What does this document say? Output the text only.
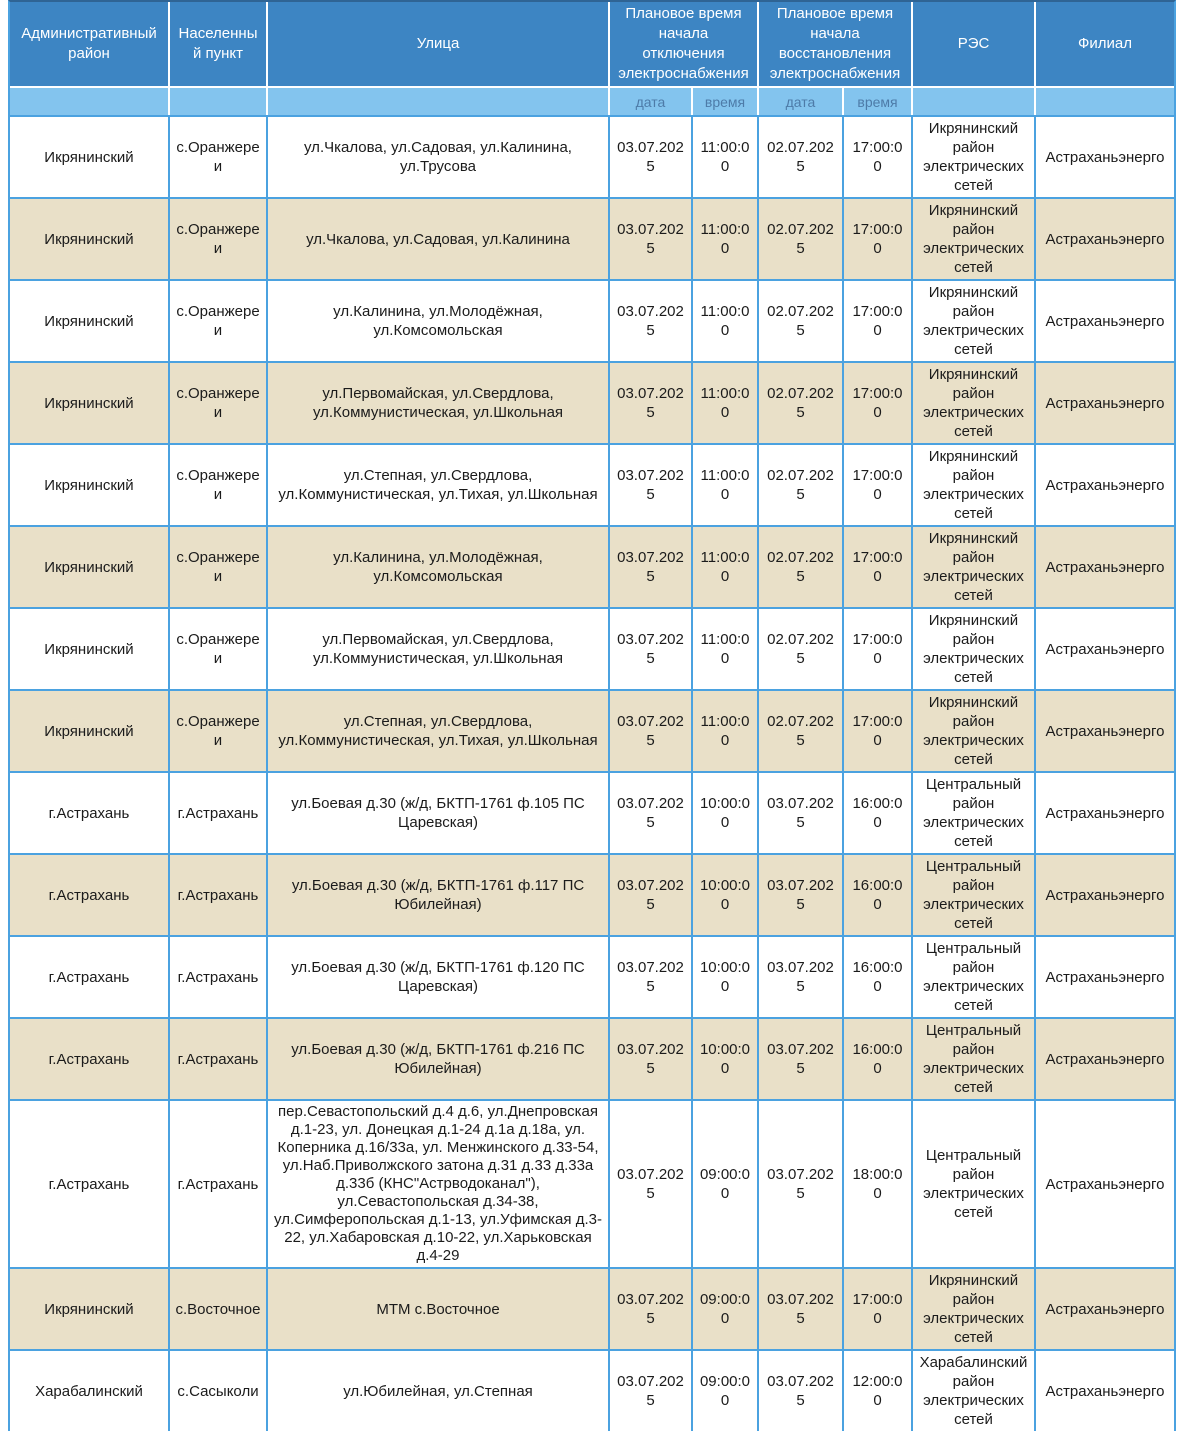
Административный район	Населенный пункт	Улица	Плановое время начала отключения электроснабжения		Плановое время начала восстановления электроснабжения		РЭС	Филиал
			дата	время	дата	время		
Икрянинский	с.Оранжереи	ул.Чкалова, ул.Садовая, ул.Калинина, ул.Трусова	03.07.2025	11:00:00	02.07.2025	17:00:00	Икрянинский район электрических сетей	Астраханьэнерго
Икрянинский	с.Оранжереи	ул.Чкалова, ул.Садовая, ул.Калинина	03.07.2025	11:00:00	02.07.2025	17:00:00	Икрянинский район электрических сетей	Астраханьэнерго
Икрянинский	с.Оранжереи	ул.Калинина, ул.Молодёжная, ул.Комсомольская	03.07.2025	11:00:00	02.07.2025	17:00:00	Икрянинский район электрических сетей	Астраханьэнерго
Икрянинский	с.Оранжереи	ул.Первомайская, ул.Свердлова, ул.Коммунистическая, ул.Школьная	03.07.2025	11:00:00	02.07.2025	17:00:00	Икрянинский район электрических сетей	Астраханьэнерго
Икрянинский	с.Оранжереи	ул.Степная, ул.Свердлова, ул.Коммунистическая, ул.Тихая, ул.Школьная	03.07.2025	11:00:00	02.07.2025	17:00:00	Икрянинский район электрических сетей	Астраханьэнерго
Икрянинский	с.Оранжереи	ул.Калинина, ул.Молодёжная, ул.Комсомольская	03.07.2025	11:00:00	02.07.2025	17:00:00	Икрянинский район электрических сетей	Астраханьэнерго
Икрянинский	с.Оранжереи	ул.Первомайская, ул.Свердлова, ул.Коммунистическая, ул.Школьная	03.07.2025	11:00:00	02.07.2025	17:00:00	Икрянинский район электрических сетей	Астраханьэнерго
Икрянинский	с.Оранжереи	ул.Степная, ул.Свердлова, ул.Коммунистическая, ул.Тихая, ул.Школьная	03.07.2025	11:00:00	02.07.2025	17:00:00	Икрянинский район электрических сетей	Астраханьэнерго
г.Астрахань	г.Астрахань	ул.Боевая д.30 (ж/д, БКТП-1761 ф.105 ПС Царевская)	03.07.2025	10:00:00	03.07.2025	16:00:00	Центральный район электрических сетей	Астраханьэнерго
г.Астрахань	г.Астрахань	ул.Боевая д.30 (ж/д, БКТП-1761 ф.117 ПС Юбилейная)	03.07.2025	10:00:00	03.07.2025	16:00:00	Центральный район электрических сетей	Астраханьэнерго
г.Астрахань	г.Астрахань	ул.Боевая д.30 (ж/д, БКТП-1761 ф.120 ПС Царевская)	03.07.2025	10:00:00	03.07.2025	16:00:00	Центральный район электрических сетей	Астраханьэнерго
г.Астрахань	г.Астрахань	ул.Боевая д.30 (ж/д, БКТП-1761 ф.216 ПС Юбилейная)	03.07.2025	10:00:00	03.07.2025	16:00:00	Центральный район электрических сетей	Астраханьэнерго
г.Астрахань	г.Астрахань	пер.Севастопольский д.4 д.6, ул.Днепровская д.1-23, ул. Донецкая д.1-24 д.1а д.18а, ул. Коперника д.16/33а, ул. Менжинского д.33-54, ул.Наб.Приволжского затона д.31 д.33 д.33а д.33б (КНС"Астрводоканал"), ул.Севастопольская д.34-38, ул.Симферопольская д.1-13, ул.Уфимская д.3-22, ул.Хабаровская д.10-22, ул.Харьковская д.4-29	03.07.2025	09:00:00	03.07.2025	18:00:00	Центральный район электрических сетей	Астраханьэнерго
Икрянинский	с.Восточное	МТМ с.Восточное	03.07.2025	09:00:00	03.07.2025	17:00:00	Икрянинский район электрических сетей	Астраханьэнерго
Харабалинский	с.Сасыколи	ул.Юбилейная, ул.Степная	03.07.2025	09:00:00	03.07.2025	12:00:00	Харабалинский район электрических сетей	Астраханьэнерго
